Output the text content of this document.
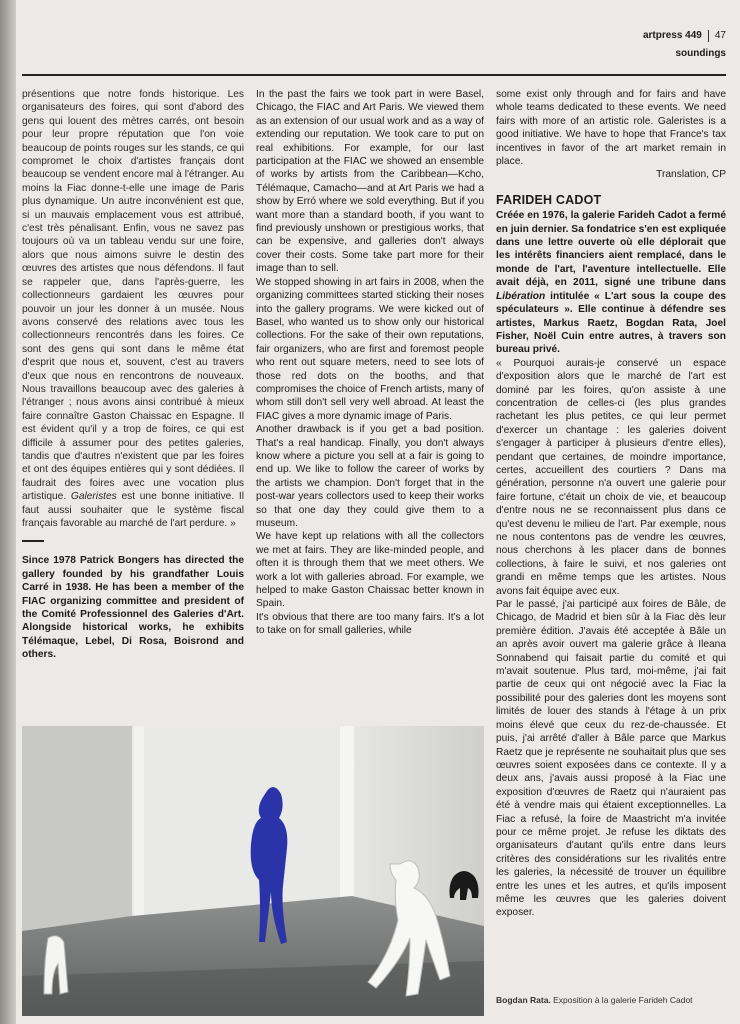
artpress 449 47
soundings

présentions que notre fonds historique. Les organisateurs des foires, qui sont d'abord des gens qui louent des mètres carrés, ont besoin pour leur propre réputation que l'on voie beaucoup de points rouges sur les stands, ce qui compromet le choix d'artistes français dont beaucoup se vendent encore mal à l'étranger. Au moins la Fiac donne-t-elle une image de Paris plus dynamique. Un autre inconvénient est que, si un mauvais emplacement vous est attribué, c'est très pénalisant. Enfin, vous ne savez pas toujours où va un tableau vendu sur une foire, alors que nous aimons suivre le destin des œuvres des artistes que nous défendons. Il faut se rappeler que, dans l'après-guerre, les collectionneurs gardaient les œuvres pour pouvoir un jour les donner à un musée. Nous avons conservé des relations avec tous les collectionneurs rencontrés dans les foires. Ce sont des gens qui sont dans le même état d'esprit que nous et, souvent, c'est au travers d'eux que nous en rencontrons de nouveaux. Nous travaillons beaucoup avec des galeries à l'étranger ; nous avons ainsi contribué à mieux faire connaître Gaston Chaissac en Espagne. Il est évident qu'il y a trop de foires, ce qui est difficile à assumer pour des petites galeries, tandis que d'autres n'existent que par les foires et ont des équipes entières qui y sont dédiées. Il faudrait des foires avec une vocation plus artistique. Galeristes est une bonne initiative. Il faut aussi souhaiter que le système fiscal français favorable au marché de l'art perdure. »

Since 1978 Patrick Bongers has directed the gallery founded by his grandfather Louis Carré in 1938. He has been a member of the FIAC organizing committee and president of the Comité Professionnel des Galeries d'Art. Alongside historical works, he exhibits Télémaque, Lebel, Di Rosa, Boisrond and others.

In the past the fairs we took part in were Basel, Chicago, the FIAC and Art Paris. We viewed them as an extension of our usual work and as a way of extending our reputation. We took care to put on real exhibitions. For example, for our last participation at the FIAC we showed an ensemble of works by artists from the Caribbean—Kcho, Télémaque, Camacho—and at Art Paris we had a show by Erró where we sold everything. But if you want more than a standard booth, if you want to find previously unshown or prestigious works, that can be expensive, and galleries don't always cover their costs. Some take part more for their image than to sell.

We stopped showing in art fairs in 2008, when the organizing committees started sticking their noses into the gallery programs. We were kicked out of Basel, who wanted us to show only our historical collections. For the sake of their own reputations, fair organizers, who are first and foremost people who rent out square meters, need to see lots of those red dots on the booths, and that compromises the choice of French artists, many of whom still don't sell very well abroad. At least the FIAC gives a more dynamic image of Paris.

Another drawback is if you get a bad position. That's a real handicap. Finally, you don't always know where a picture you sell at a fair is going to end up. We like to follow the career of works by the artists we champion. Don't forget that in the post-war years collectors used to keep their works so that one day they could give them to a museum.

We have kept up relations with all the collectors we met at fairs. They are like-minded people, and often it is through them that we meet others. We work a lot with galleries abroad. For example, we helped to make Gaston Chaissac better known in Spain.

It's obvious that there are too many fairs. It's a lot to take on for small galleries, while

some exist only through and for fairs and have whole teams dedicated to these events. We need fairs with more of an artistic role. Galeristes is a good initiative. We have to hope that France's tax incentives in favor of the art market remain in place.

Translation, CP

FARIDEH CADOT

Créée en 1976, la galerie Farideh Cadot a fermé en juin dernier. Sa fondatrice s'en est expliquée dans une lettre ouverte où elle déplorait que les intérêts financiers aient remplacé, dans le monde de l'art, l'aventure intellectuelle. Elle avait déjà, en 2011, signé une tribune dans Libération intitulée « L'art sous la coupe des spéculateurs ». Elle continue à défendre ses artistes, Markus Raetz, Bogdan Rata, Joel Fisher, Noël Cuin entre autres, à travers son bureau privé.

« Pourquoi aurais-je conservé un espace d'exposition alors que le marché de l'art est dominé par les foires, qu'on assiste à une concentration de celles-ci (les plus grandes rachetant les plus petites, ce qui leur permet d'exercer un chantage : les galeries doivent s'engager à participer à plusieurs d'entre elles), pendant que certaines, de moindre importance, certes, accueillent des courtiers ? Dans ma génération, personne n'a ouvert une galerie pour faire fortune, c'était un choix de vie, et beaucoup d'entre nous ne se reconnaissent plus dans ce qu'est devenu le milieu de l'art. Par exemple, nous ne nous contentons pas de vendre les œuvres, nous cherchons à les placer dans de bonnes collections, à faire le suivi, et nos galeries ont grandi en même temps que les artistes. Nous avons fait équipe avec eux.

Par le passé, j'ai participé aux foires de Bâle, de Chicago, de Madrid et bien sûr à la Fiac dès leur première édition. J'avais été acceptée à Bâle un an après avoir ouvert ma galerie grâce à Ileana Sonnabend qui faisait partie du comité et qui m'avait soutenue. Plus tard, moi-même, j'ai fait partie de ceux qui ont négocié avec la Fiac la possibilité pour des galeries dont les moyens sont limités de louer des stands à l'étage à un prix moins élevé que ceux du rez-de-chaussée. Et puis, j'ai arrêté d'aller à Bâle parce que Markus Raetz que je représente ne souhaitait plus que ses œuvres soient exposées dans ce contexte. Il y a deux ans, j'avais aussi proposé à la Fiac une exposition d'œuvres de Raetz qui n'auraient pas été à vendre mais qui étaient exceptionnelles. La Fiac a refusé, la foire de Maastricht m'a invitée pour ce même projet. Je refuse les diktats des organisateurs d'autant qu'ils entre dans leurs critères des considérations sur les rivalités entre les galeries, la nécessité de trouver un équilibre entre les unes et les autres, et qu'ils imposent même les œuvres que les galeries doivent exposer.

Bogdan Rata. Exposition à la galerie Farideh Cadot
